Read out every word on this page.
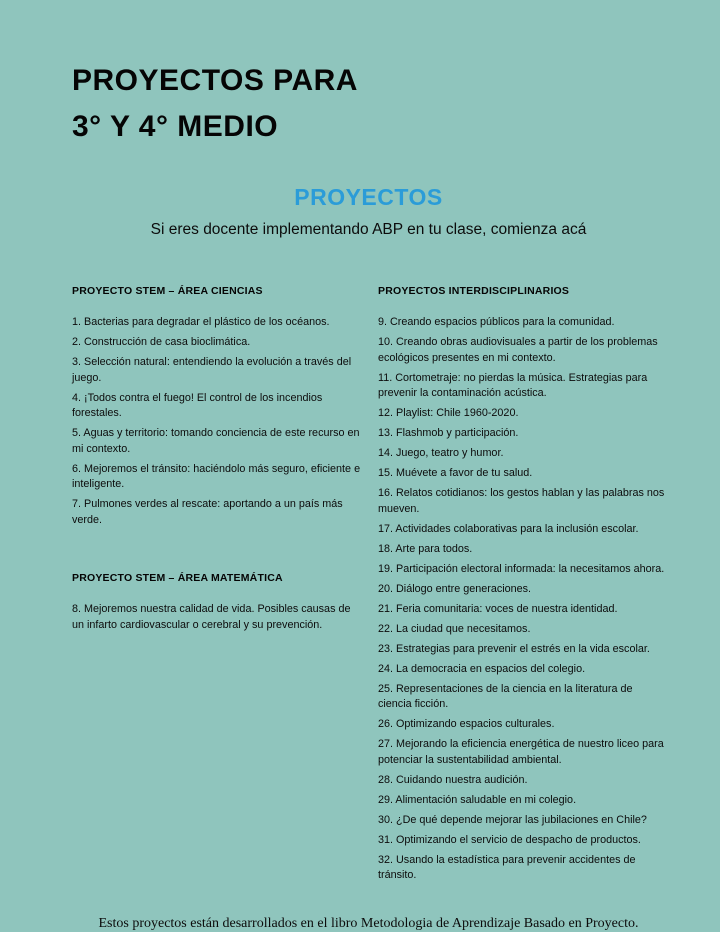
PROYECTOS PARA
3° Y 4° MEDIO
PROYECTOS
Si eres docente implementando ABP en tu clase, comienza acá
PROYECTO STEM – ÁREA CIENCIAS
1. Bacterias para degradar el plástico de los océanos.
2. Construcción de casa bioclimática.
3. Selección natural: entendiendo la evolución a través del juego.
4. ¡Todos contra el fuego! El control de los incendios forestales.
5. Aguas y territorio: tomando conciencia de este recurso en mi contexto.
6. Mejoremos el tránsito: haciéndolo más seguro, eficiente e inteligente.
7. Pulmones verdes al rescate: aportando a un país más verde.
PROYECTO STEM – ÁREA MATEMÁTICA
8. Mejoremos nuestra calidad de vida. Posibles causas de un infarto cardiovascular o cerebral y su prevención.
PROYECTOS INTERDISCIPLINARIOS
9. Creando espacios públicos para la comunidad.
10. Creando obras audiovisuales a partir de los problemas ecológicos presentes en mi contexto.
11. Cortometraje: no pierdas la música. Estrategias para prevenir la contaminación acústica.
12. Playlist: Chile 1960-2020.
13. Flashmob y participación.
14. Juego, teatro y humor.
15. Muévete a favor de tu salud.
16. Relatos cotidianos: los gestos hablan y las palabras nos mueven.
17. Actividades colaborativas para la inclusión escolar.
18. Arte para todos.
19. Participación electoral informada: la necesitamos ahora.
20. Diálogo entre generaciones.
21. Feria comunitaria: voces de nuestra identidad.
22. La ciudad que necesitamos.
23. Estrategias para prevenir el estrés en la vida escolar.
24. La democracia en espacios del colegio.
25. Representaciones de la ciencia en la literatura de ciencia ficción.
26. Optimizando espacios culturales.
27. Mejorando la eficiencia energética de nuestro liceo para potenciar la sustentabilidad ambiental.
28. Cuidando nuestra audición.
29. Alimentación saludable en mi colegio.
30. ¿De qué depende mejorar las jubilaciones en Chile?
31. Optimizando el servicio de despacho de productos.
32. Usando la estadística para prevenir accidentes de tránsito.
Estos proyectos están desarrollados en el libro Metodologia de Aprendizaje Basado en Proyecto.
